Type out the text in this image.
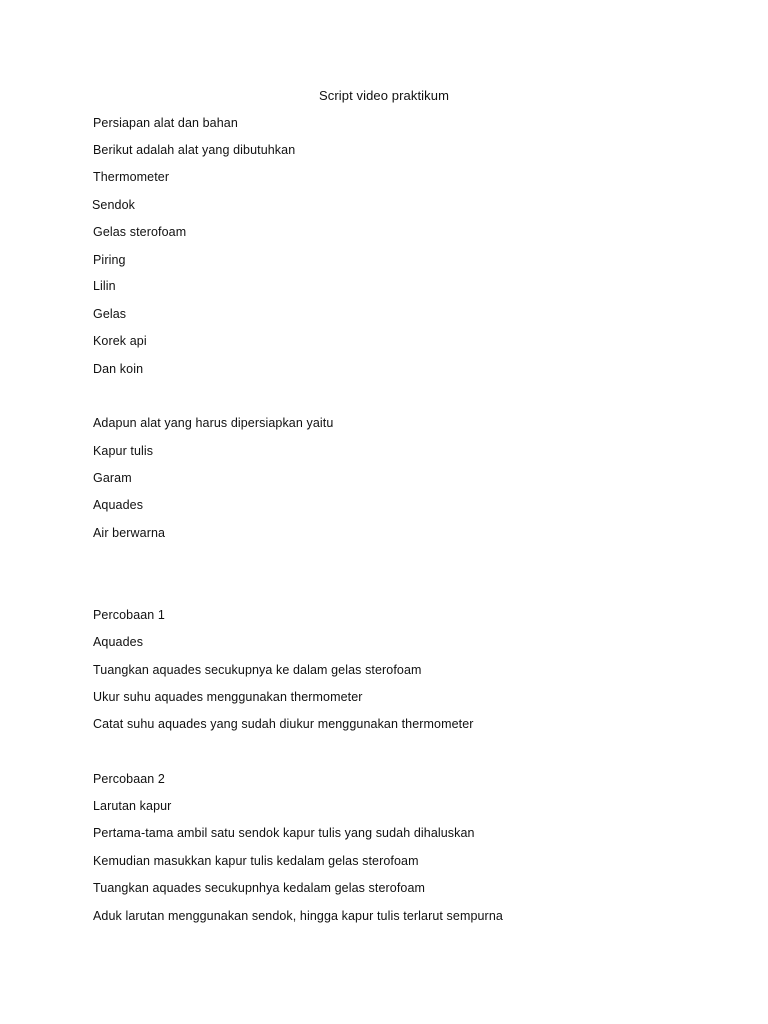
Script video praktikum
Persiapan alat dan bahan
Berikut adalah alat yang dibutuhkan
Thermometer
Sendok
Gelas sterofoam
Piring
Lilin
Gelas
Korek api
Dan koin
Adapun alat yang harus dipersiapkan yaitu
Kapur tulis
Garam
Aquades
Air berwarna
Percobaan 1
Aquades
Tuangkan aquades secukupnya ke dalam gelas sterofoam
Ukur suhu aquades menggunakan thermometer
Catat suhu aquades yang sudah diukur menggunakan thermometer
Percobaan 2
Larutan kapur
Pertama-tama ambil satu sendok kapur tulis yang sudah dihaluskan
Kemudian masukkan kapur tulis kedalam gelas sterofoam
Tuangkan aquades secukupnhya kedalam gelas sterofoam
Aduk larutan menggunakan sendok, hingga kapur tulis terlarut sempurna
